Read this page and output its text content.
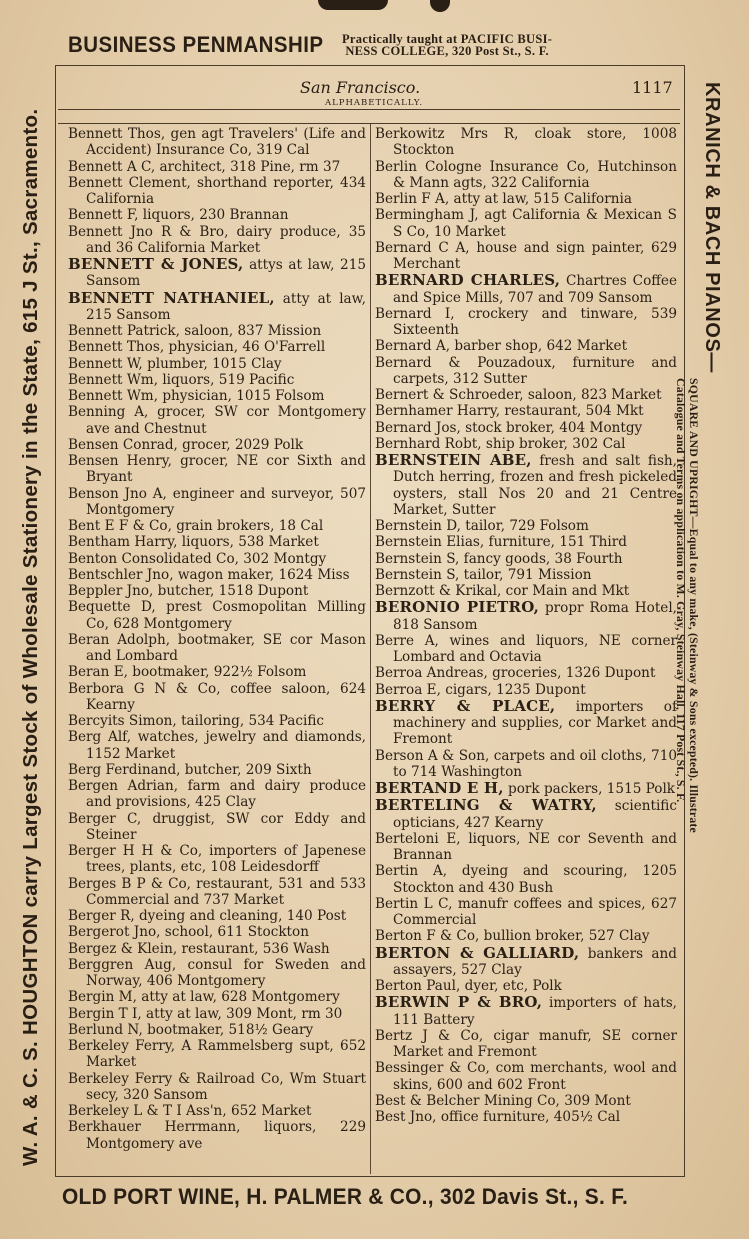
BUSINESS PENMANSHIP Practically taught at PACIFIC BUSI-
NESS COLLEGE, 320 Post St., S. F.
San Francisco.
ALPHABETICALLY.
1117

Bennett Thos, gen agt Travelers' (Life and Accident) Insurance Co, 319 Cal

Bennett A C, architect, 318 Pine, rm 37

Bennett Clement, shorthand reporter, 434 California

Bennett F, liquors, 230 Brannan

Bennett Jno R & Bro, dairy produce, 35 and 36 California Market

BENNETT & JONES, attys at law, 215 Sansom

BENNETT NATHANIEL, atty at law, 215 Sansom

Bennett Patrick, saloon, 837 Mission

Bennett Thos, physician, 46 O'Farrell

Bennett W, plumber, 1015 Clay

Bennett Wm, liquors, 519 Pacific

Bennett Wm, physician, 1015 Folsom

Benning A, grocer, SW cor Montgomery ave and Chestnut

Bensen Conrad, grocer, 2029 Polk

Bensen Henry, grocer, NE cor Sixth and Bryant

Benson Jno A, engineer and surveyor, 507 Montgomery

Bent E F & Co, grain brokers, 18 Cal

Bentham Harry, liquors, 538 Market

Benton Consolidated Co, 302 Montgy

Bentschler Jno, wagon maker, 1624 Miss

Beppler Jno, butcher, 1518 Dupont

Bequette D, prest Cosmopolitan Milling Co, 628 Montgomery

Beran Adolph, bootmaker, SE cor Mason and Lombard

Beran E, bootmaker, 922½ Folsom

Berbora G N & Co, coffee saloon, 624 Kearny

Bercyits Simon, tailoring, 534 Pacific

Berg Alf, watches, jewelry and diamonds, 1152 Market

Berg Ferdinand, butcher, 209 Sixth

Bergen Adrian, farm and dairy produce and provisions, 425 Clay

Berger C, druggist, SW cor Eddy and Steiner

Berger H H & Co, importers of Japenese trees, plants, etc, 108 Leidesdorff

Berges B P & Co, restaurant, 531 and 533 Commercial and 737 Market

Berger R, dyeing and cleaning, 140 Post

Bergerot Jno, school, 611 Stockton

Bergez & Klein, restaurant, 536 Wash

Berggren Aug, consul for Sweden and Norway, 406 Montgomery

Bergin M, atty at law, 628 Montgomery

Bergin T I, atty at law, 309 Mont, rm 30

Berlund N, bootmaker, 518½ Geary

Berkeley Ferry, A Rammelsberg supt, 652 Market

Berkeley Ferry & Railroad Co, Wm Stuart secy, 320 Sansom

Berkeley L & T I Ass'n, 652 Market

Berkhauer Herrmann, liquors, 229 Montgomery ave

Berkowitz Mrs R, cloak store, 1008 Stockton

Berlin Cologne Insurance Co, Hutchinson & Mann agts, 322 California

Berlin F A, atty at law, 515 California

Bermingham J, agt California & Mexican S S Co, 10 Market

Bernard C A, house and sign painter, 629 Merchant

BERNARD CHARLES, Chartres Coffee and Spice Mills, 707 and 709 Sansom

Bernard I, crockery and tinware, 539 Sixteenth

Bernard A, barber shop, 642 Market

Bernard & Pouzadoux, furniture and carpets, 312 Sutter

Bernert & Schroeder, saloon, 823 Market

Bernhamer Harry, restaurant, 504 Mkt

Bernard Jos, stock broker, 404 Montgy

Bernhard Robt, ship broker, 302 Cal

BERNSTEIN ABE, fresh and salt fish, Dutch herring, frozen and fresh pickeled oysters, stall Nos 20 and 21 Centre Market, Sutter

Bernstein D, tailor, 729 Folsom

Bernstein Elias, furniture, 151 Third

Bernstein S, fancy goods, 38 Fourth

Bernstein S, tailor, 791 Mission

Bernzott & Krikal, cor Main and Mkt

BERONIO PIETRO, propr Roma Hotel, 818 Sansom

Berre A, wines and liquors, NE corner Lombard and Octavia

Berroa Andreas, groceries, 1326 Dupont

Berroa E, cigars, 1235 Dupont

BERRY & PLACE, importers of machinery and supplies, cor Market and Fremont

Berson A & Son, carpets and oil cloths, 710 to 714 Washington

BERTAND E H, pork packers, 1515 Polk

BERTELING & WATRY, scientific opticians, 427 Kearny

Berteloni E, liquors, NE cor Seventh and Brannan

Bertin A, dyeing and scouring, 1205 Stockton and 430 Bush

Bertin L C, manufr coffees and spices, 627 Commercial

Berton F & Co, bullion broker, 527 Clay

BERTON & GALLIARD, bankers and assayers, 527 Clay

Berton Paul, dyer, etc, Polk

BERWIN P & BRO, importers of hats, 111 Battery

Bertz J & Co, cigar manufr, SE corner Market and Fremont

Bessinger & Co, com merchants, wool and skins, 600 and 602 Front

Best & Belcher Mining Co, 309 Mont

Best Jno, office furniture, 405½ Cal

W. A. & C. S. HOUGHTON carry Largest Stock of Wholesale Stationery in the State, 615 J St., Sacramento.	KRANICH & BACH PIANOS—
SQUARE AND UPRIGHT—Equal to any make, (Steinway & Sons excepted). Illustrate
Catalogue and Terms on application to M. Gray, Steinway Hall, 117 Post St., S. F.
OLD PORT WINE, H. PALMER & CO., 302 Davis St., S. F.
